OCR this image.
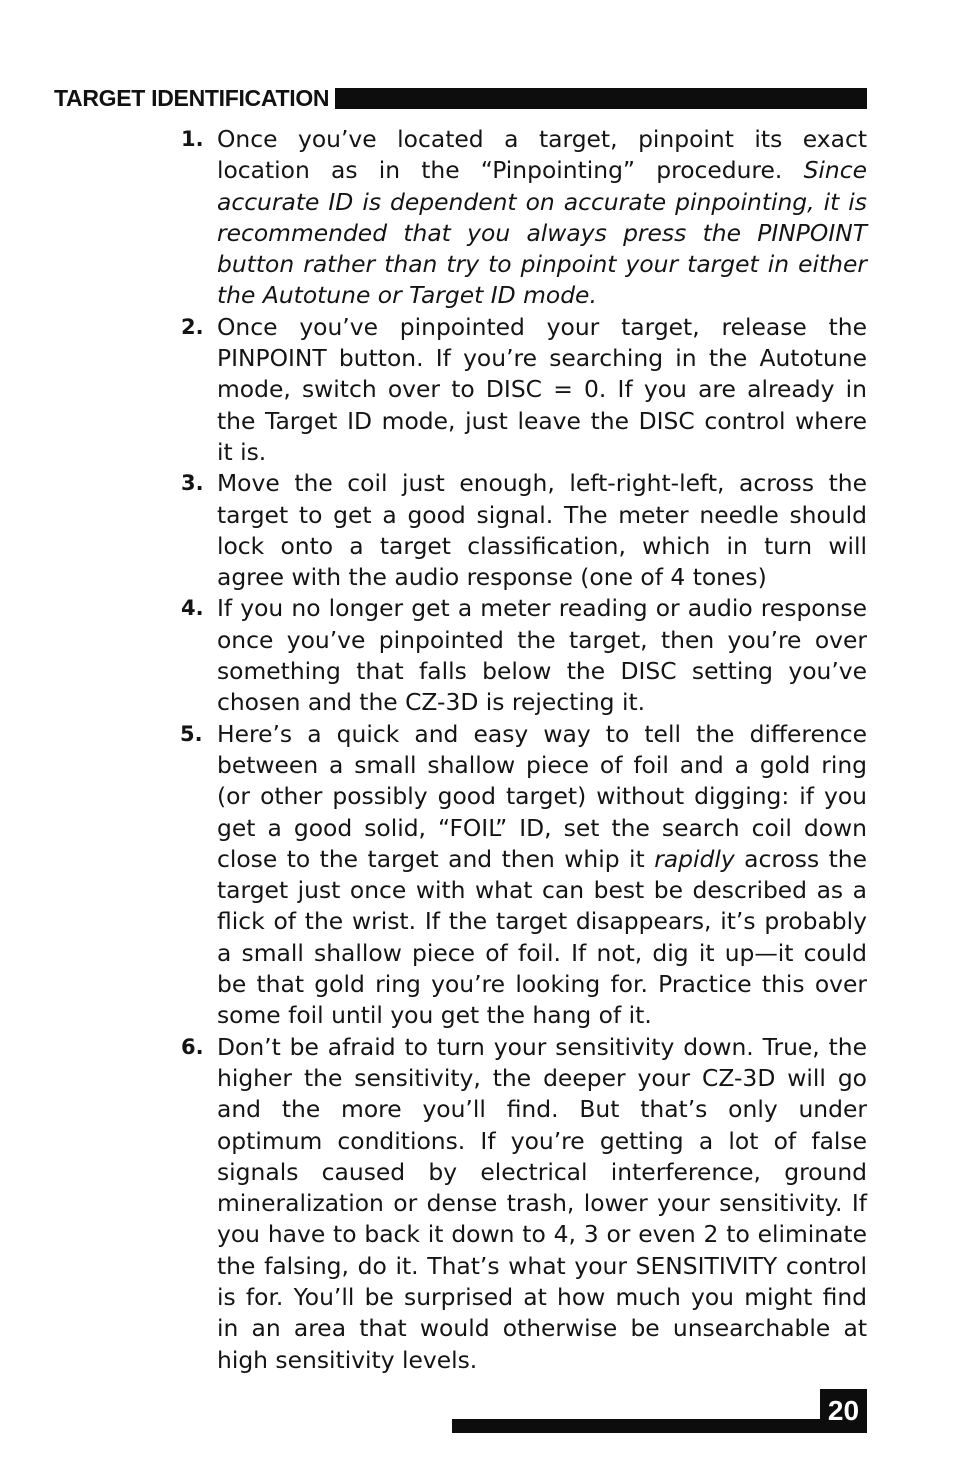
TARGET IDENTIFICATION
1. Once you’ve located a target, pinpoint its exact location as in the “Pinpointing” procedure. Since accurate ID is dependent on accurate pinpointing, it is recommended that you always press the PINPOINT button rather than try to pinpoint your target in either the Autotune or Target ID mode.
2. Once you’ve pinpointed your target, release the PINPOINT button. If you’re searching in the Autotune mode, switch over to DISC = 0. If you are already in the Target ID mode, just leave the DISC control where it is.
3. Move the coil just enough, left-right-left, across the target to get a good signal. The meter needle should lock onto a target classification, which in turn will agree with the audio response (one of 4 tones)
4. If you no longer get a meter reading or audio response once you’ve pinpointed the target, then you’re over something that falls below the DISC setting you’ve chosen and the CZ-3D is rejecting it.
5. Here’s a quick and easy way to tell the difference between a small shallow piece of foil and a gold ring (or other possibly good target) without digging: if you get a good solid, “FOIL” ID, set the search coil down close to the target and then whip it rapidly across the target just once with what can best be described as a flick of the wrist. If the target disappears, it’s probably a small shallow piece of foil. If not, dig it up—it could be that gold ring you’re looking for. Practice this over some foil until you get the hang of it.
6. Don’t be afraid to turn your sensitivity down. True, the higher the sensitivity, the deeper your CZ-3D will go and the more you’ll find. But that’s only under optimum conditions. If you’re getting a lot of false signals caused by electrical interference, ground mineralization or dense trash, lower your sensitivity. If you have to back it down to 4, 3 or even 2 to eliminate the falsing, do it. That’s what your SENSITIVITY control is for. You’ll be surprised at how much you might find in an area that would otherwise be unsearchable at high sensitivity levels.
20
